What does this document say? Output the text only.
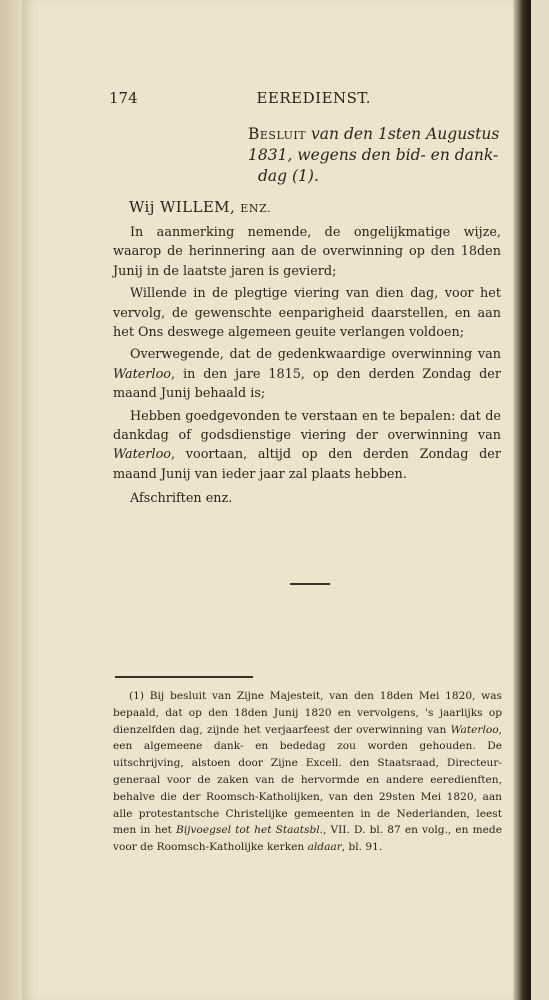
174	EEREDIENST.
Besluit van den 1sten Augustus
1831, wegens den bid- en dank-
dag (1).
Wij WILLEM, ENZ.

In aanmerking nemende, de ongelijkmatige wijze, waarop de herinnering aan de overwinning op den 18den Junij in de laatste jaren is gevierd;

Willende in de plegtige viering van dien dag, voor het vervolg, de gewenschte eenparigheid daarstellen, en aan het Ons deswege algemeen geuite verlangen voldoen;

Overwegende, dat de gedenkwaardige overwinning van Waterloo, in den jare 1815, op den derden Zondag der maand Junij behaald is;

Hebben goedgevonden te verstaan en te bepalen: dat de dankdag of godsdienstige viering der overwinning van Waterloo, voortaan, altijd op den derden Zondag der maand Junij van ieder jaar zal plaats hebben.

Afschriften enz.

(1) Bij besluit van Zijne Majesteit, van den 18den Mei 1820, was bepaald, dat op den 18den Junij 1820 en vervolgens, 's jaarlijks op dienzelfden dag, zijnde het verjaarfeest der overwinning van Waterloo, een algemeene dank- en bededag zou worden gehouden. De uitschrijving, alstoen door Zijne Excell. den Staatsraad, Directeur-generaal voor de zaken van de hervormde en andere eeredienften, behalve die der Roomsch-Katholijken, van den 29sten Mei 1820, aan alle protestantsche Christelijke gemeenten in de Nederlanden, leest men in het Bijvoegsel tot het Staatsbl., VII. D. bl. 87 en volg., en mede voor de Roomsch-Katholijke kerken aldaar, bl. 91.
